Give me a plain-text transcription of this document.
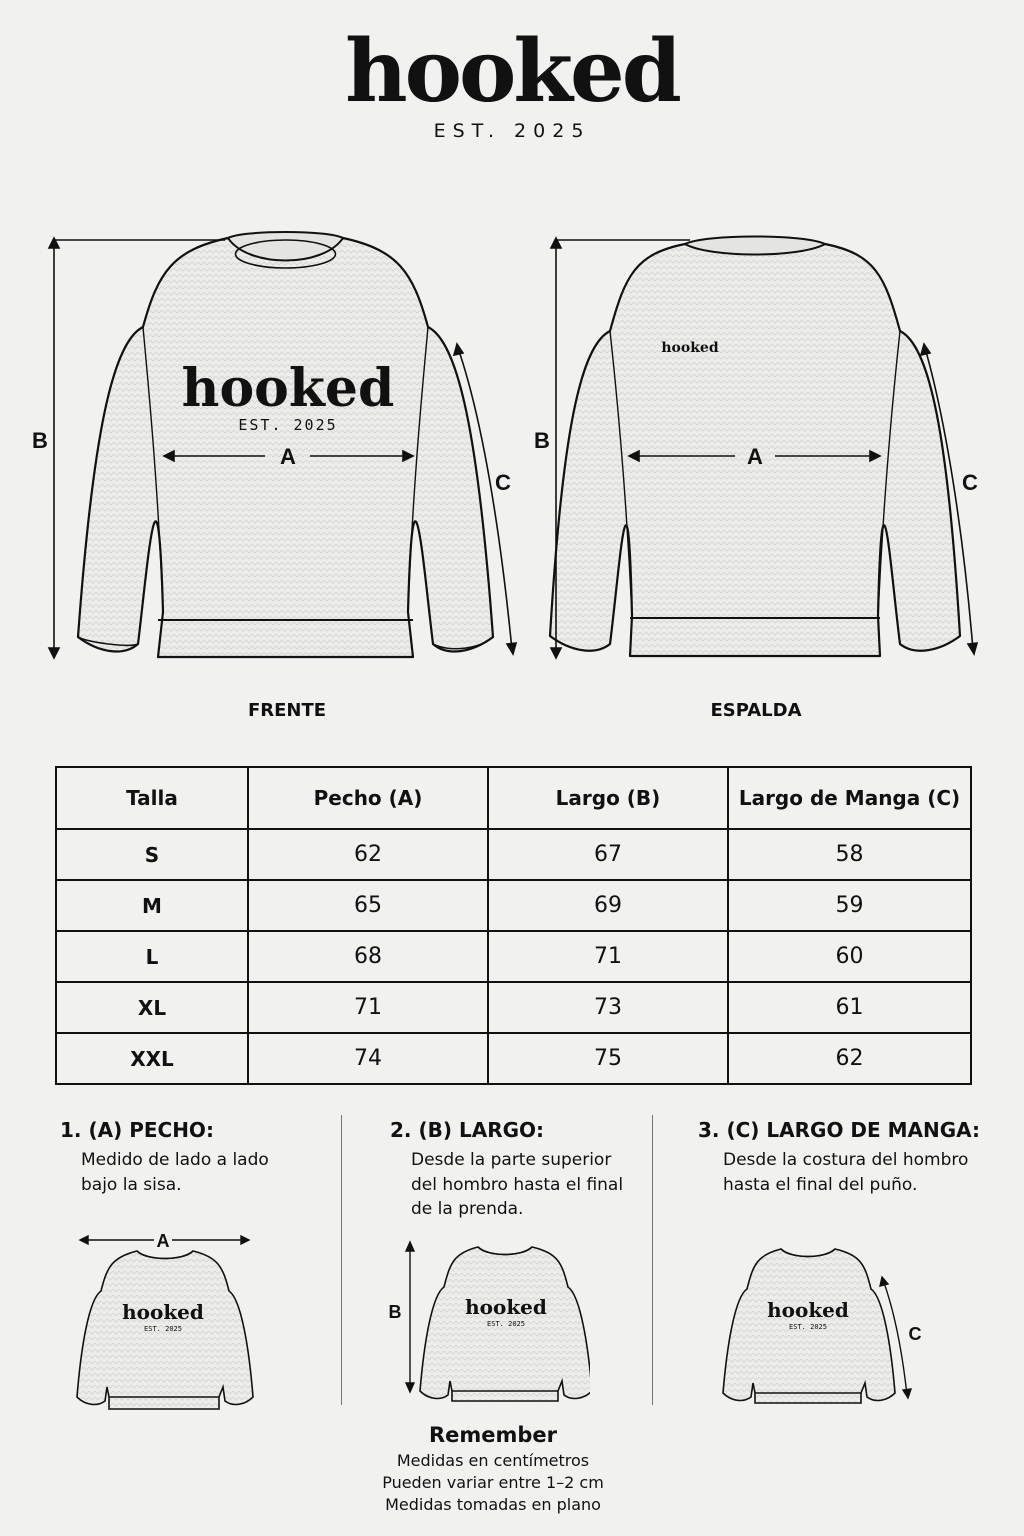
hooked
EST. 2025
hooked
EST. 2025
A
B
C
FRENTE
hooked
A
B
C
ESPALDA
Talla	Pecho (A)	Largo (B)	Largo de Manga (C)
S	62	67	58
M	65	69	59
L	68	71	60
XL	71	73	61
XXL	74	75	62
1. (A) PECHO:
Medido de lado a lado
bajo la sisa.
2. (B) LARGO:
Desde la parte superior
del hombro hasta el final
de la prenda.
3. (C) LARGO DE MANGA:
Desde la costura del hombro
hasta el final del puño.
hooked
EST. 2025
A
hooked
EST. 2025
B	hooked
EST. 2025	C
Remember
Medidas en centímetros
Pueden variar entre 1–2 cm
Medidas tomadas en plano
